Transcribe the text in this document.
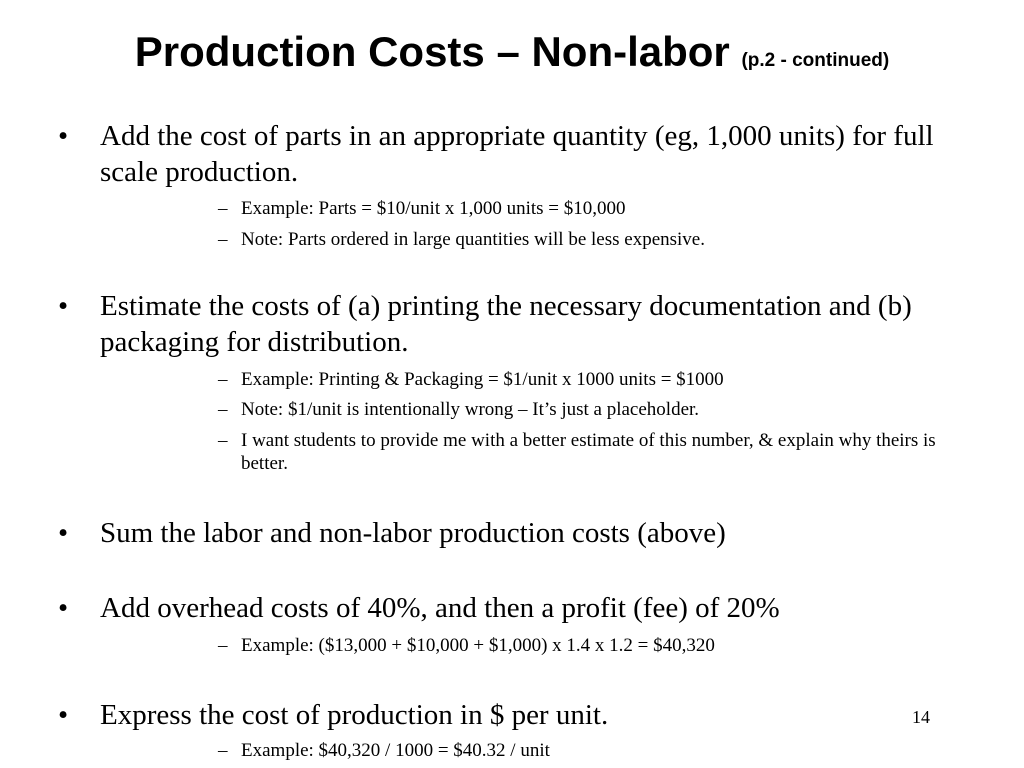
Production Costs – Non-labor (p.2 - continued)
•	Add the cost of parts in an appropriate quantity (eg, 1,000 units) for full scale production.
– Example: Parts = $10/unit x 1,000 units = $10,000
– Note: Parts ordered in large quantities will be less expensive.
•	Estimate the costs of (a) printing the necessary documentation and (b) packaging for distribution.
– Example: Printing & Packaging = $1/unit x 1000 units = $1000
– Note: $1/unit is intentionally wrong – It’s just a placeholder.
– I want students to provide me with a better estimate of this number, & explain why theirs is better.
•	Sum the labor and non-labor production costs (above)
•	Add overhead costs of 40%, and then a profit (fee) of 20%
– Example: ($13,000 + $10,000 + $1,000) x 1.4 x 1.2 = $40,320
•	Express the cost of production in $ per unit.
– Example: $40,320 / 1000 = $40.32 / unit
14
